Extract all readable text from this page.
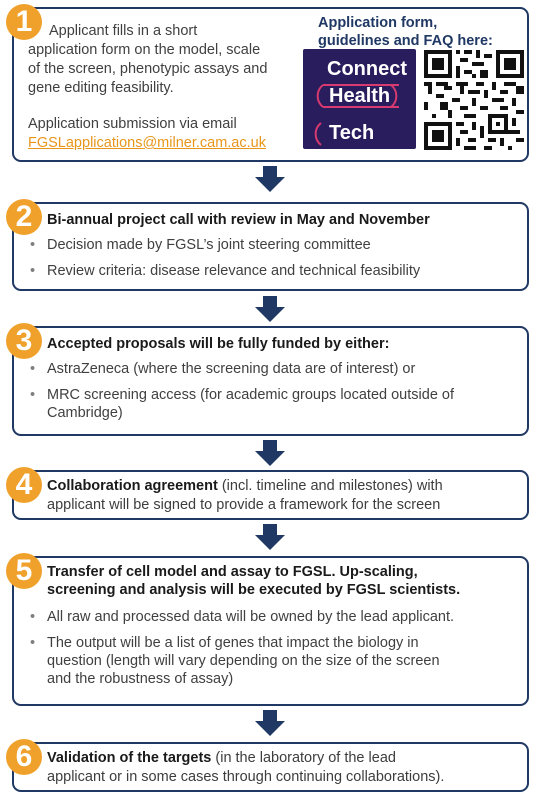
Applicant fills in a short
application form on the model, scale
of the screen, phenotypic assays and
gene editing feasibility.
Application submission via email
FGSLapplications@milner.cam.ac.uk
Application form,
guidelines and FAQ here:
1
Connect
Health
Tech
Bi-annual project call with review in May and November
• Decision made by FGSL’s joint steering committee
• Review criteria: disease relevance and technical feasibility
2
Accepted proposals will be fully funded by either:
• AstraZeneca (where the screening data are of interest) or
• MRC screening access (for academic groups located outside of
Cambridge)
3
Collaboration agreement (incl. timeline and milestones) with
applicant will be signed to provide a framework for the screen
4
Transfer of cell model and assay to FGSL. Up-scaling,
screening and analysis will be executed by FGSL scientists.
• All raw and processed data will be owned by the lead applicant.
• The output will be a list of genes that impact the biology in
question (length will vary depending on the size of the screen
and the robustness of assay)
5
Validation of the targets (in the laboratory of the lead
applicant or in some cases through continuing collaborations).
6
